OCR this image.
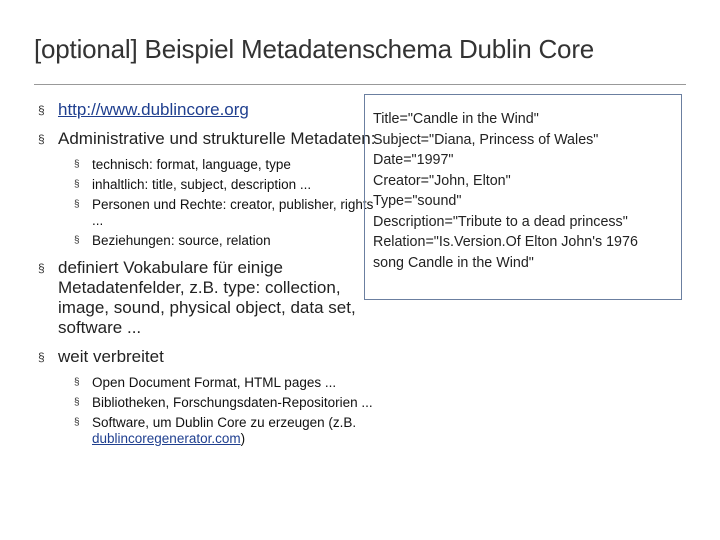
[optional] Beispiel Metadatenschema Dublin Core
§ http://www.dublincore.org
§ Administrative und strukturelle Metadaten:
§ technisch: format, language, type
§ inhaltlich: title, subject, description ...
§ Personen und Rechte: creator, publisher, rights ...
§ Beziehungen: source, relation
§ definiert Vokabulare für einige Metadatenfelder, z.B. type: collection, image, sound, physical object, data set, software ...
§ weit verbreitet
§ Open Document Format, HTML pages ...
§ Bibliotheken, Forschungsdaten-Repositorien ...
§ Software, um Dublin Core zu erzeugen (z.B. dublincoregenerator.com)
Title="Candle in the Wind"
Subject="Diana, Princess of Wales"
Date="1997"
Creator="John, Elton"
Type="sound"
Description="Tribute to a dead princess"
Relation="Is.Version.Of Elton John's 1976
song Candle in the Wind"
